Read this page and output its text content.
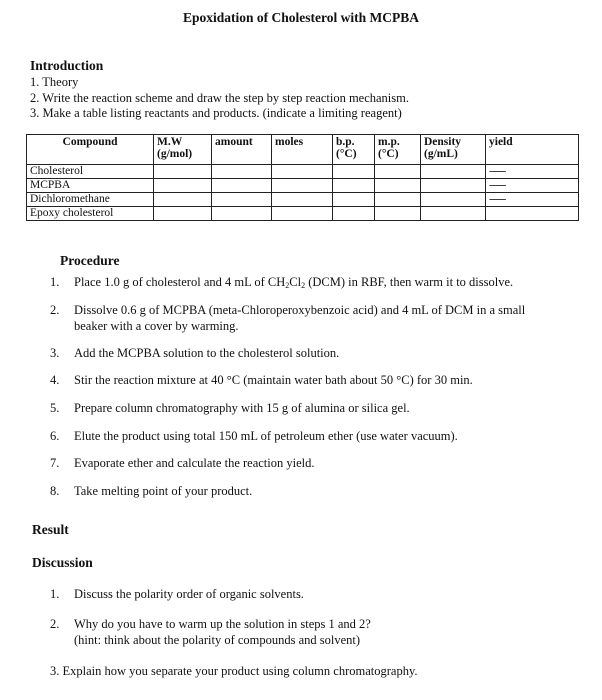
Epoxidation of Cholesterol with MCPBA
Introduction
1. Theory
2. Write the reaction scheme and draw the step by step reaction mechanism.
3. Make a table listing reactants and products. (indicate a limiting reagent)
Compound	M.W (g/mol)	amount	moles	b.p. (°C)	m.p. (°C)	Density (g/mL)	yield
Cholesterol							-------
MCPBA							-------
Dichloromethane							-------
Epoxy cholesterol							
Procedure
1.	Place 1.0 g of cholesterol and 4 mL of $CH_2Cl_2$ (DCM) in RBF, then warm it to dissolve.
2.	Dissolve 0.6 g of MCPBA (meta-Chloroperoxybenzoic acid) and 4 mL of DCM in a small beaker with a cover by warming.
3.	Add the MCPBA solution to the cholesterol solution.
4.	Stir the reaction mixture at 40 °C (maintain water bath about 50 °C) for 30 min.
5.	Prepare column chromatography with 15 g of alumina or silica gel.
6.	Elute the product using total 150 mL of petroleum ether (use water vacuum).
7.	Evaporate ether and calculate the reaction yield.
8.	Take melting point of your product.
Result
Discussion
1.	Discuss the polarity order of organic solvents.
2.	Why do you have to warm up the solution in steps 1 and 2?
(hint: think about the polarity of compounds and solvent)
3. Explain how you separate your product using column chromatography.
